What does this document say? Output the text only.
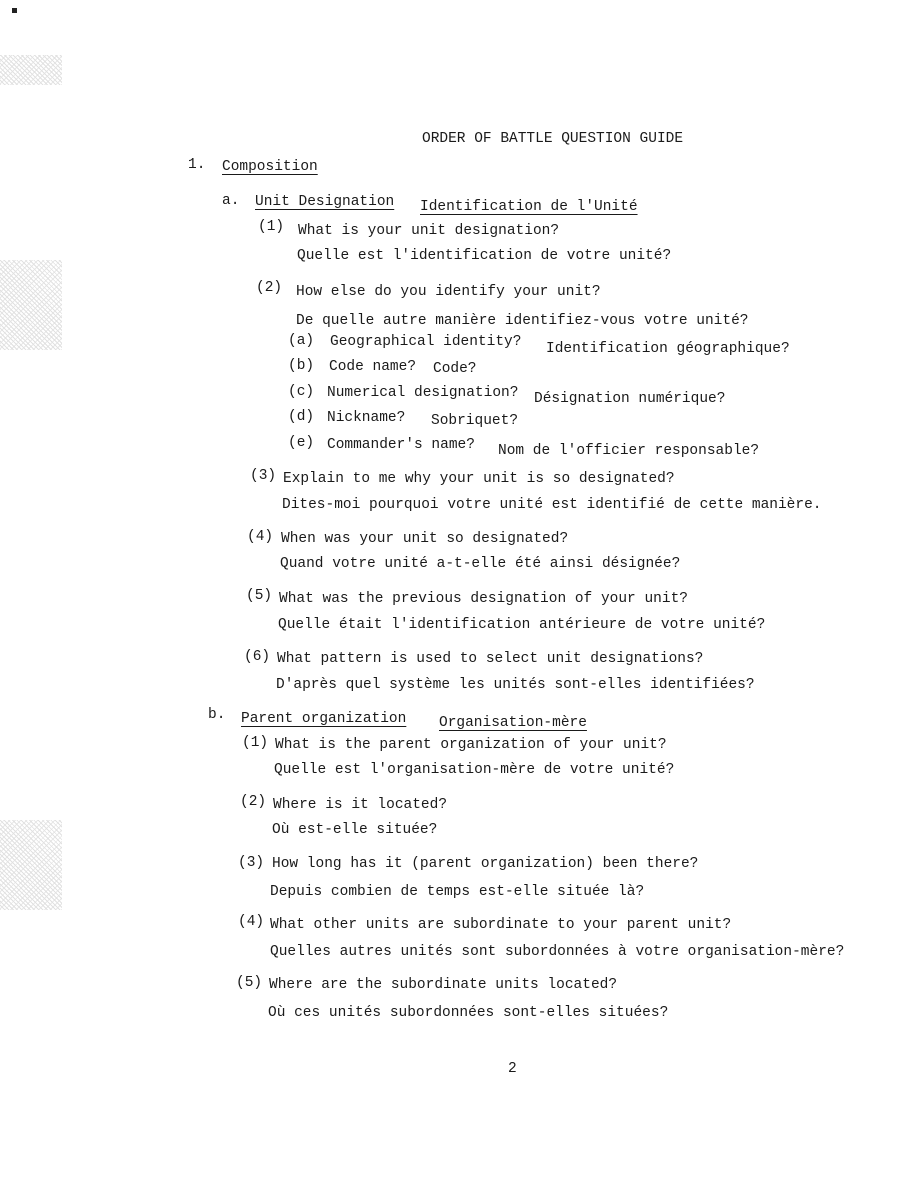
ORDER OF BATTLE QUESTION GUIDE
1. Composition
a. Unit Designation Identification de l'Unité
(1) What is your unit designation?
Quelle est l'identification de votre unité?
(2) How else do you identify your unit?
De quelle autre manière identifiez-vous votre unité?
(a) Geographical identity? Identification géographique?
(b) Code name? Code?
(c) Numerical designation? Désignation numérique?
(d) Nickname? Sobriquet?
(e) Commander's name? Nom de l'officier responsable?
(3) Explain to me why your unit is so designated?
Dites-moi pourquoi votre unité est identifié de cette manière.
(4) When was your unit so designated?
Quand votre unité a-t-elle été ainsi désignée?
(5) What was the previous designation of your unit?
Quelle était l'identification antérieure de votre unité?
(6) What pattern is used to select unit designations?
D'après quel système les unités sont-elles identifiées?
b. Parent organization Organisation-mère
(1) What is the parent organization of your unit?
Quelle est l'organisation-mère de votre unité?
(2) Where is it located?
Où est-elle située?
(3) How long has it (parent organization) been there?
Depuis combien de temps est-elle située là?
(4) What other units are subordinate to your parent unit?
Quelles autres unités sont subordonnées à votre organisation-mère?
(5) Where are the subordinate units located?
Où ces unités subordonnées sont-elles situées?
2
